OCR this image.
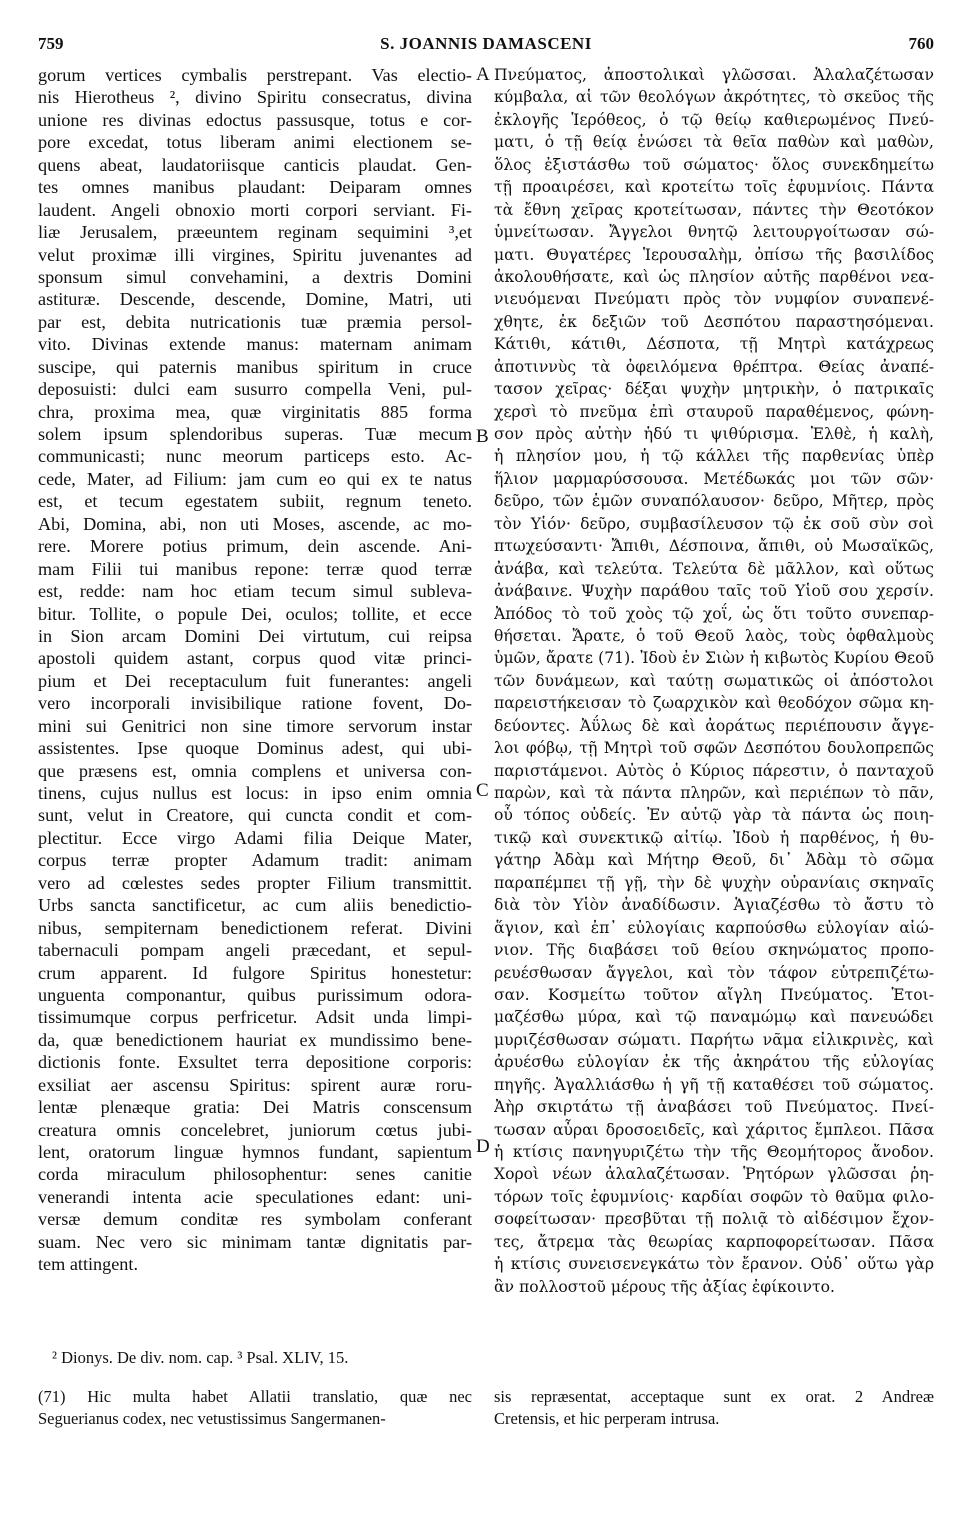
759	S. JOANNIS DAMASCENI	760
gorum vertices cymbalis perstrepant. Vas electio-
nis Hierotheus ², divino Spiritu consecratus, divina
unione res divinas edoctus passusque, totus e cor-
pore excedat, totus liberam animi electionem se-
quens abeat, laudatoriisque canticis plaudat. Gen-
tes omnes manibus plaudant: Deiparam omnes
laudent. Angeli obnoxio morti corpori serviant. Fi-
liæ Jerusalem, præeuntem reginam sequimini ³,et
velut proximæ illi virgines, Spiritu juvenantes ad
sponsum simul convehamini, a dextris Domini
astituræ. Descende, descende, Domine, Matri, uti
par est, debita nutricationis tuæ præmia persol-
vito. Divinas extende manus: maternam animam
suscipe, qui paternis manibus spiritum in cruce
deposuisti: dulci eam susurro compella Veni, pul-
chra, proxima mea, quæ virginitatis 885 forma
solem ipsum splendoribus superas. Tuæ mecum
communicasti; nunc meorum particeps esto. Ac-
cede, Mater, ad Filium: jam cum eo qui ex te natus
est, et tecum egestatem subiit, regnum teneto.
Abi, Domina, abi, non uti Moses, ascende, ac mo-
rere. Morere potius primum, dein ascende. Ani-
mam Filii tui manibus repone: terræ quod terræ
est, redde: nam hoc etiam tecum simul subleva-
bitur. Tollite, o popule Dei, oculos; tollite, et ecce
in Sion arcam Domini Dei virtutum, cui reipsa
apostoli quidem astant, corpus quod vitæ princi-
pium et Dei receptaculum fuit funerantes: angeli
vero incorporali invisibilique ratione fovent, Do-
mini sui Genitrici non sine timore servorum instar
assistentes. Ipse quoque Dominus adest, qui ubi-
que præsens est, omnia complens et universa con-
tinens, cujus nullus est locus: in ipso enim omnia
sunt, velut in Creatore, qui cuncta condit et com-
plectitur. Ecce virgo Adami filia Deique Mater,
corpus terræ propter Adamum tradit: animam
vero ad cœlestes sedes propter Filium transmittit.
Urbs sancta sanctificetur, ac cum aliis benedictio-
nibus, sempiternam benedictionem referat. Divini
tabernaculi pompam angeli præcedant, et sepul-
crum apparent. Id fulgore Spiritus honestetur:
unguenta componantur, quibus purissimum odora-
tissimumque corpus perfricetur. Adsit unda limpi-
da, quæ benedictionem hauriat ex mundissimo bene-
dictionis fonte. Exsultet terra depositione corporis:
exsiliat aer ascensu Spiritus: spirent auræ roru-
lentæ plenæque gratia: Dei Matris conscensum
creatura omnis concelebret, juniorum cœtus jubi-
lent, oratorum linguæ hymnos fundant, sapientum
corda miraculum philosophentur: senes canitie
venerandi intenta acie speculationes edant: uni-
versæ demum conditæ res symbolam conferant
suam. Nec vero sic minimam tantæ dignitatis par-
tem attingent.
Πνεύματος, ἀποστολικαὶ γλῶσσαι. Ἀλαλαζέτωσαν
κύμβαλα, αἱ τῶν θεολόγων ἀκρότητες, τὸ σκεῦος τῆς
ἐκλογῆς Ἱερόθεος, ὁ τῷ θείῳ καθιερωμένος Πνεύ-
ματι, ὁ τῇ θείᾳ ἑνώσει τὰ θεῖα παθὼν καὶ μαθὼν,
ὅλος ἐξιστάσθω τοῦ σώματος· ὅλος συνεκδημείτω
τῇ προαιρέσει, καὶ κροτείτω τοῖς ἐφυμνίοις. Πάντα
τὰ ἔθνη χεῖρας κροτείτωσαν, πάντες τὴν Θεοτόκον
ὑμνείτωσαν. Ἄγγελοι θνητῷ λειτουργοίτωσαν σώ-
ματι. Θυγατέρες Ἱερουσαλὴμ, ὀπίσω τῆς βασιλίδος
ἀκολουθήσατε, καὶ ὡς πλησίον αὐτῆς παρθένοι νεα-
νιευόμεναι Πνεύματι πρὸς τὸν νυμφίον συναπενέ-
χθητε, ἐκ δεξιῶν τοῦ Δεσπότου παραστησόμεναι.
Κάτιθι, κάτιθι, Δέσποτα, τῇ Μητρὶ κατάχρεως
ἀποτιννὺς τὰ ὀφειλόμενα θρέπτρα. Θείας ἀναπέ-
τασον χεῖρας· δέξαι ψυχὴν μητρικὴν, ὁ πατρικαῖς
χερσὶ τὸ πνεῦμα ἐπὶ σταυροῦ παραθέμενος, φώνη-
σον πρὸς αὐτὴν ἡδύ τι ψιθύρισμα. Ἐλθὲ, ἡ καλὴ,
ἡ πλησίον μου, ἡ τῷ κάλλει τῆς παρθενίας ὑπὲρ
ἥλιον μαρμαρύσσουσα. Μετέδωκάς μοι τῶν σῶν·
δεῦρο, τῶν ἐμῶν συναπόλαυσον· δεῦρο, Μῆτερ, πρὸς
τὸν Υἱόν· δεῦρο, συμβασίλευσον τῷ ἐκ σοῦ σὺν σοὶ
πτωχεύσαντι· Ἄπιθι, Δέσποινα, ἄπιθι, οὐ Μωσαϊκῶς,
ἀνάβα, καὶ τελεύτα. Τελεύτα δὲ μᾶλλον, καὶ οὕτως
ἀνάβαινε. Ψυχὴν παράθου ταῖς τοῦ Υἱοῦ σου χερσίν.
Ἀπόδος τὸ τοῦ χοὸς τῷ χοΐ, ὡς ὅτι τοῦτο συνεπαρ-
θήσεται. Ἄρατε, ὁ τοῦ Θεοῦ λαὸς, τοὺς ὀφθαλμοὺς
ὑμῶν, ἄρατε (71). Ἰδοὺ ἐν Σιὼν ἡ κιβωτὸς Κυρίου Θεοῦ
τῶν δυνάμεων, καὶ ταύτῃ σωματικῶς οἱ ἀπόστολοι
παρειστήκεισαν τὸ ζωαρχικὸν καὶ θεοδόχον σῶμα κη-
δεύοντες. Ἀΰλως δὲ καὶ ἀοράτως περιέπουσιν ἄγγε-
λοι φόβῳ, τῇ Μητρὶ τοῦ σφῶν Δεσπότου δουλοπρεπῶς
παριστάμενοι. Αὐτὸς ὁ Κύριος πάρεστιν, ὁ πανταχοῦ
παρὼν, καὶ τὰ πάντα πληρῶν, καὶ περιέπων τὸ πᾶν,
οὗ τόπος οὐδείς. Ἐν αὐτῷ γὰρ τὰ πάντα ὡς ποιη-
τικῷ καὶ συνεκτικῷ αἰτίῳ. Ἰδοὺ ἡ παρθένος, ἡ θυ-
γάτηρ Ἀδὰμ καὶ Μήτηρ Θεοῦ, δι᾽ Ἀδὰμ τὸ σῶμα
παραπέμπει τῇ γῇ, τὴν δὲ ψυχὴν οὐρανίαις σκηναῖς
διὰ τὸν Υἱὸν ἀναδίδωσιν. Ἁγιαζέσθω τὸ ἄστυ τὸ
ἅγιον, καὶ ἐπ᾽ εὐλογίαις καρπούσθω εὐλογίαν αἰώ-
νιον. Τῆς διαβάσει τοῦ θείου σκηνώματος προπο-
ρευέσθωσαν ἄγγελοι, καὶ τὸν τάφον εὐτρεπιζέτω-
σαν. Κοσμείτω τοῦτον αἴγλη Πνεύματος. Ἑτοι-
μαζέσθω μύρα, καὶ τῷ παναμώμῳ καὶ πανευώδει
μυριζέσθωσαν σώματι. Παρήτω νᾶμα εἰλικρινὲς, καὶ
ἀρυέσθω εὐλογίαν ἐκ τῆς ἀκηράτου τῆς εὐλογίας
πηγῆς. Ἀγαλλιάσθω ἡ γῆ τῇ καταθέσει τοῦ σώματος.
Ἀὴρ σκιρτάτω τῇ ἀναβάσει τοῦ Πνεύματος. Πνεί-
τωσαν αὖραι δροσοειδεῖς, καὶ χάριτος ἔμπλεοι. Πᾶσα
ἡ κτίσις πανηγυριζέτω τὴν τῆς Θεομήτορος ἄνοδον.
Χοροὶ νέων ἀλαλαζέτωσαν. Ῥητόρων γλῶσσαι ῥη-
τόρων τοῖς ἐφυμνίοις· καρδίαι σοφῶν τὸ θαῦμα φιλο-
σοφείτωσαν· πρεσβῦται τῇ πολιᾷ τὸ αἰδέσιμον ἔχον-
τες, ἄτρεμα τὰς θεωρίας καρποφορείτωσαν. Πᾶσα
ἡ κτίσις συνεισενεγκάτω τὸν ἔρανον. Οὐδ᾽ οὕτω γὰρ
ἂν πολλοστοῦ μέρους τῆς ἀξίας ἐφίκοιντο.
A
B
C
D
² Dionys. De div. nom. cap. ³ Psal. XLIV, 15.
(71) Hic multa habet Allatii translatio, quæ nec
Seguerianus codex, nec vetustissimus Sangermanen-
sis repræsentat, acceptaque sunt ex orat. 2 Andreæ
Cretensis, et hic perperam intrusa.
